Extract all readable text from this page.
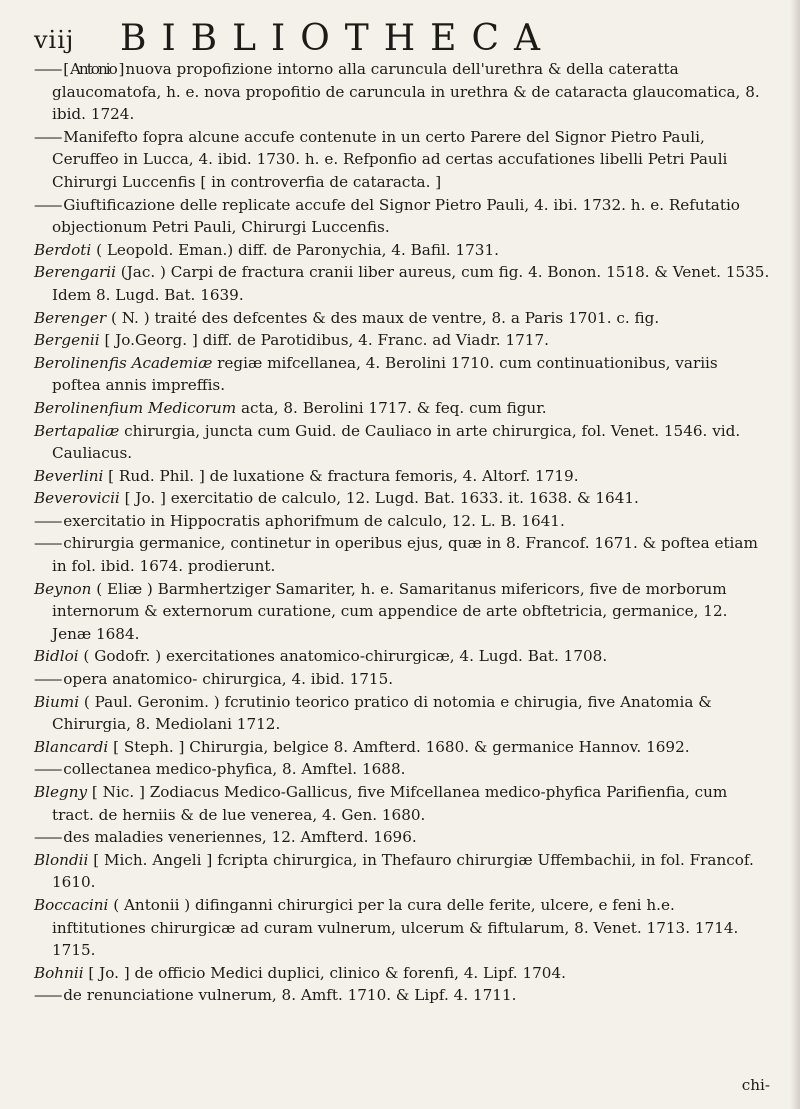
viij BIBLIOTHECA

—— [ Antonio ] nuova propofizione intorno alla caruncula dell'urethra & della cateratta glaucomatofa, h. e. nova propofitio de caruncula in urethra & de cataracta glaucomatica, 8. ibid. 1724.

—— Manifefto fopra alcune accufe contenute in un certo Parere del Signor Pietro Pauli, Ceruffeo in Lucca, 4. ibid. 1730. h. e. Refponfio ad certas accufationes libelli Petri Pauli Chirurgi Luccenfis [ in controverfia de cataracta. ]

—— Giuftificazione delle replicate accufe del Signor Pietro Pauli, 4. ibi. 1732. h. e. Refutatio objectionum Petri Pauli, Chirurgi Luccenfis.

Berdoti ( Leopold. Eman.) diff. de Paronychia, 4. Bafil. 1731.

Berengarii (Jac. ) Carpi de fractura cranii liber aureus, cum fig. 4. Bonon. 1518. & Venet. 1535. Idem 8. Lugd. Bat. 1639.

Berenger ( N. ) traité des defcentes & des maux de ventre, 8. a Paris 1701. c. fig.

Bergenii [ Jo.Georg. ] diff. de Parotidibus, 4. Franc. ad Viadr. 1717.

Berolinenfis Academiæ regiæ mifcellanea, 4. Berolini 1710. cum continuationibus, variis poftea annis impreffis.

Berolinenfium Medicorum acta, 8. Berolini 1717. & feq. cum figur.

Bertapaliæ chirurgia, juncta cum Guid. de Cauliaco in arte chirurgica, fol. Venet. 1546. vid. Cauliacus.

Beverlini [ Rud. Phil. ] de luxatione & fractura femoris, 4. Altorf. 1719.

Beverovicii [ Jo. ] exercitatio de calculo, 12. Lugd. Bat. 1633. it. 1638. & 1641.

—— exercitatio in Hippocratis aphorifmum de calculo, 12. L. B. 1641.

—— chirurgia germanice, continetur in operibus ejus, quæ in 8. Francof. 1671. & poftea etiam in fol. ibid. 1674. prodierunt.

Beynon ( Eliæ ) Barmhertziger Samariter, h. e. Samaritanus mifericors, five de morborum internorum & externorum curatione, cum appendice de arte obftetricia, germanice, 12. Jenæ 1684.

Bidloi ( Godofr. ) exercitationes anatomico-chirurgicæ, 4. Lugd. Bat. 1708.

—— opera anatomico- chirurgica, 4. ibid. 1715.

Biumi ( Paul. Geronim. ) fcrutinio teorico pratico di notomia e chirugia, five Anatomia & Chirurgia, 8. Mediolani 1712.

Blancardi [ Steph. ] Chirurgia, belgice 8. Amfterd. 1680. & germanice Hannov. 1692.

—— collectanea medico-phyfica, 8. Amftel. 1688.

Blegny [ Nic. ] Zodiacus Medico-Gallicus, five Mifcellanea medico-phyfica Parifienfia, cum tract. de herniis & de lue venerea, 4. Gen. 1680.

—— des maladies veneriennes, 12. Amfterd. 1696.

Blondii [ Mich. Angeli ] fcripta chirurgica, in Thefauro chirurgiæ Uffembachii, in fol. Francof. 1610.

Boccacini ( Antonii ) difinganni chirurgici per la cura delle ferite, ulcere, e feni h.e. inftitutiones chirurgicæ ad curam vulnerum, ulcerum & fiftularum, 8. Venet. 1713. 1714. 1715.

Bohnii [ Jo. ] de officio Medici duplici, clinico & forenfi, 4. Lipf. 1704.

—— de renunciatione vulnerum, 8. Amft. 1710. & Lipf. 4. 1711.

chi-
